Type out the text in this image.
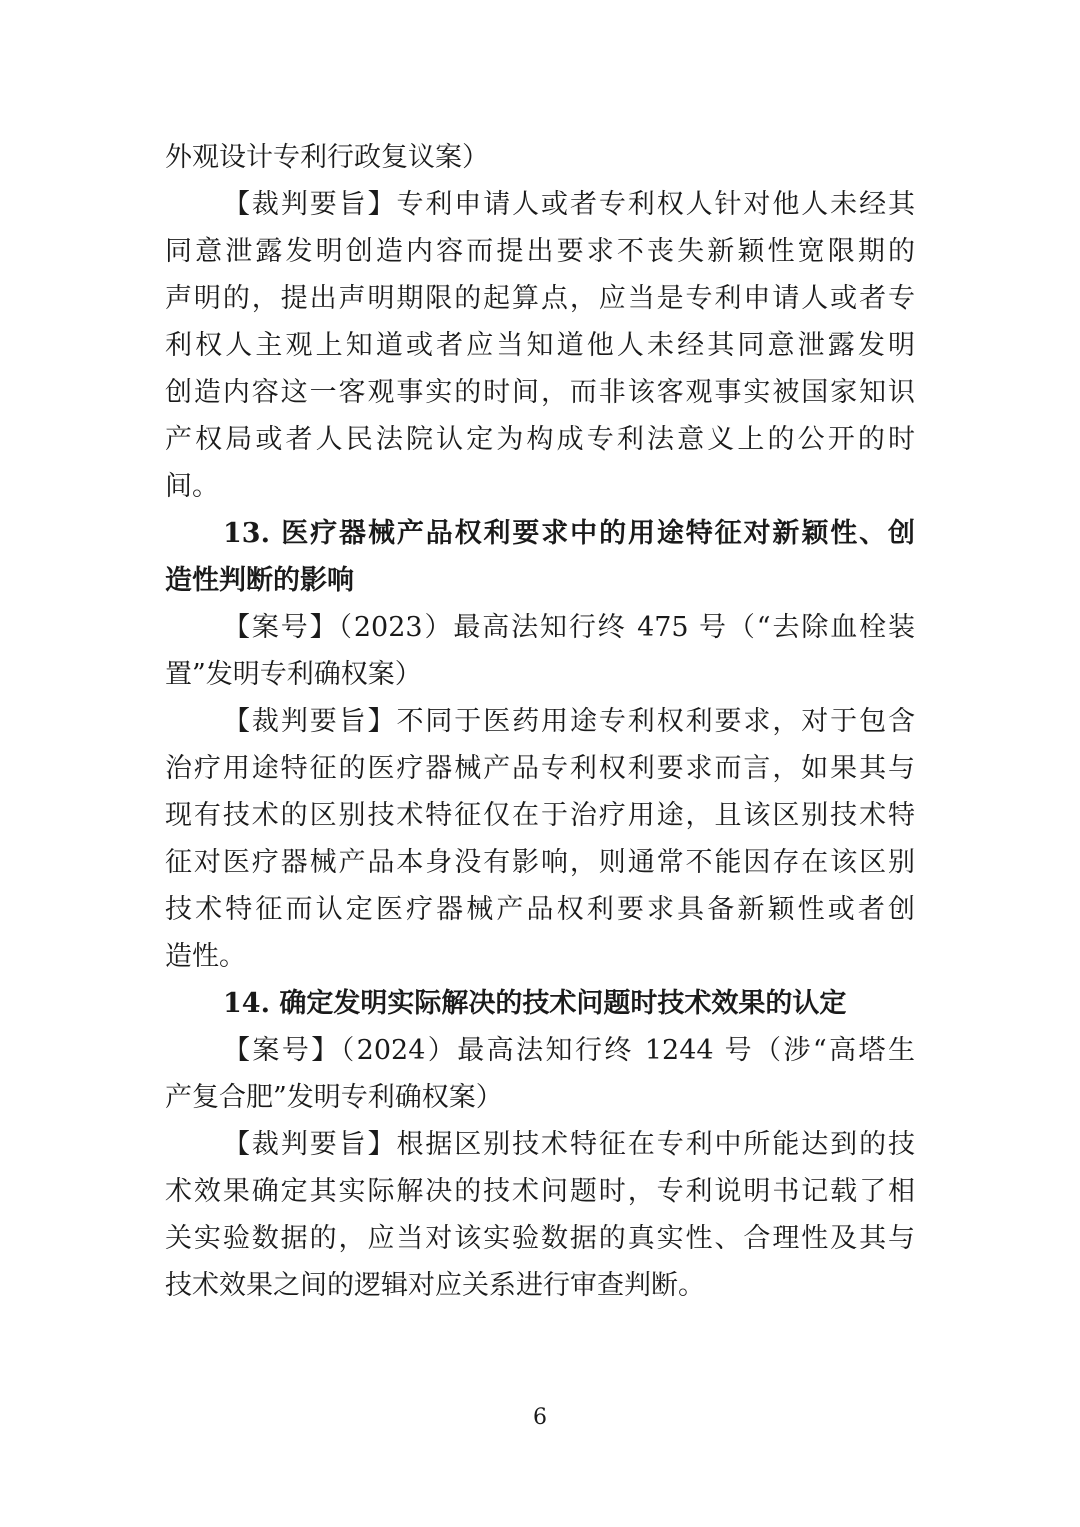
外观设计专利行政复议案）
【裁判要旨】专利申请人或者专利权人针对他人未经其
同意泄露发明创造内容而提出要求不丧失新颖性宽限期的
声明的，提出声明期限的起算点，应当是专利申请人或者专
利权人主观上知道或者应当知道他人未经其同意泄露发明
创造内容这一客观事实的时间，而非该客观事实被国家知识
产权局或者人民法院认定为构成专利法意义上的公开的时
间。
13. 医疗器械产品权利要求中的用途特征对新颖性、创
造性判断的影响
【案号】（2023）最高法知行终 475 号（“去除血栓装
置”发明专利确权案）
【裁判要旨】不同于医药用途专利权利要求，对于包含
治疗用途特征的医疗器械产品专利权利要求而言，如果其与
现有技术的区别技术特征仅在于治疗用途，且该区别技术特
征对医疗器械产品本身没有影响，则通常不能因存在该区别
技术特征而认定医疗器械产品权利要求具备新颖性或者创
造性。
14. 确定发明实际解决的技术问题时技术效果的认定
【案号】（2024）最高法知行终 1244 号（涉“高塔生
产复合肥”发明专利确权案）
【裁判要旨】根据区别技术特征在专利中所能达到的技
术效果确定其实际解决的技术问题时，专利说明书记载了相
关实验数据的，应当对该实验数据的真实性、合理性及其与
技术效果之间的逻辑对应关系进行审查判断。
6
